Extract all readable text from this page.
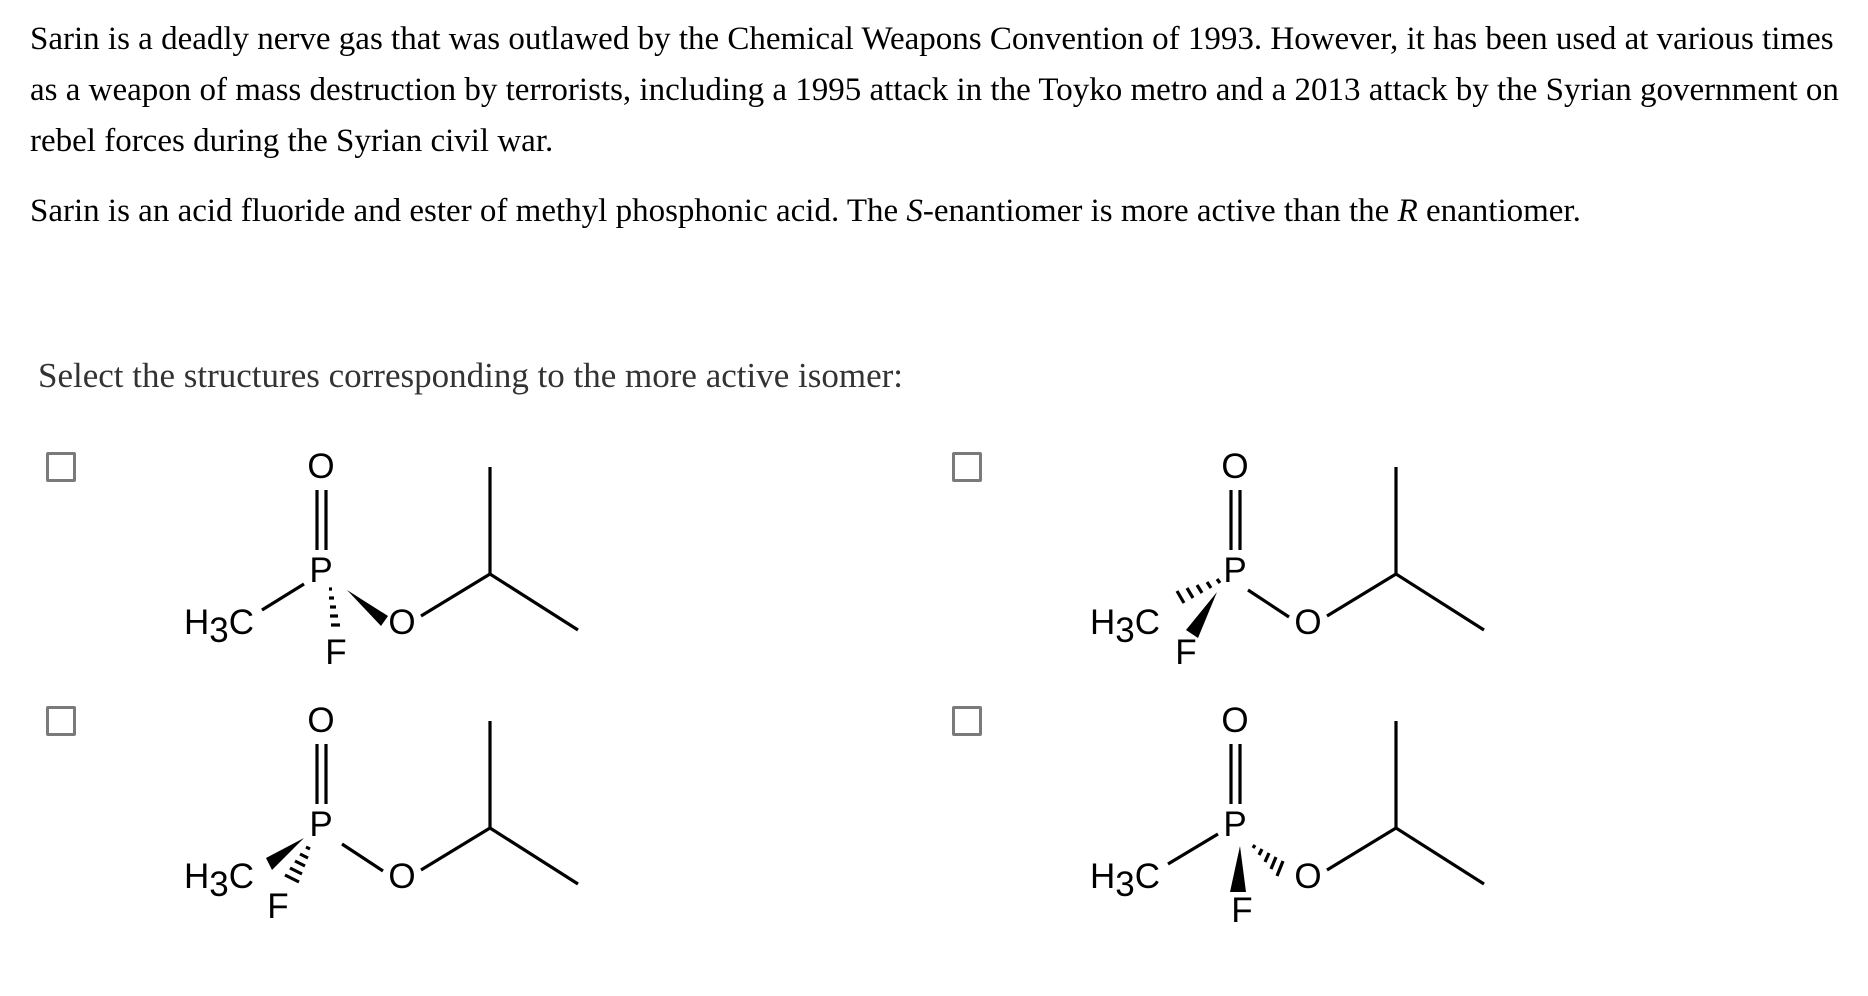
Sarin is a deadly nerve gas that was outlawed by the Chemical Weapons Convention of 1993. However, it has been used at various times as a weapon of mass destruction by terrorists, including a 1995 attack in the Toyko metro and a 2013 attack by the Syrian government on rebel forces during the Syrian civil war.

Sarin is an acid fluoride and ester of methyl phosphonic acid. The S-enantiomer is more active than the R enantiomer.

Select the structures corresponding to the more active isomer:

O
P
H3C
F
O
O
P
H3C
F
O
O
P
H3C
F
O
O
P
H3C	O
F
